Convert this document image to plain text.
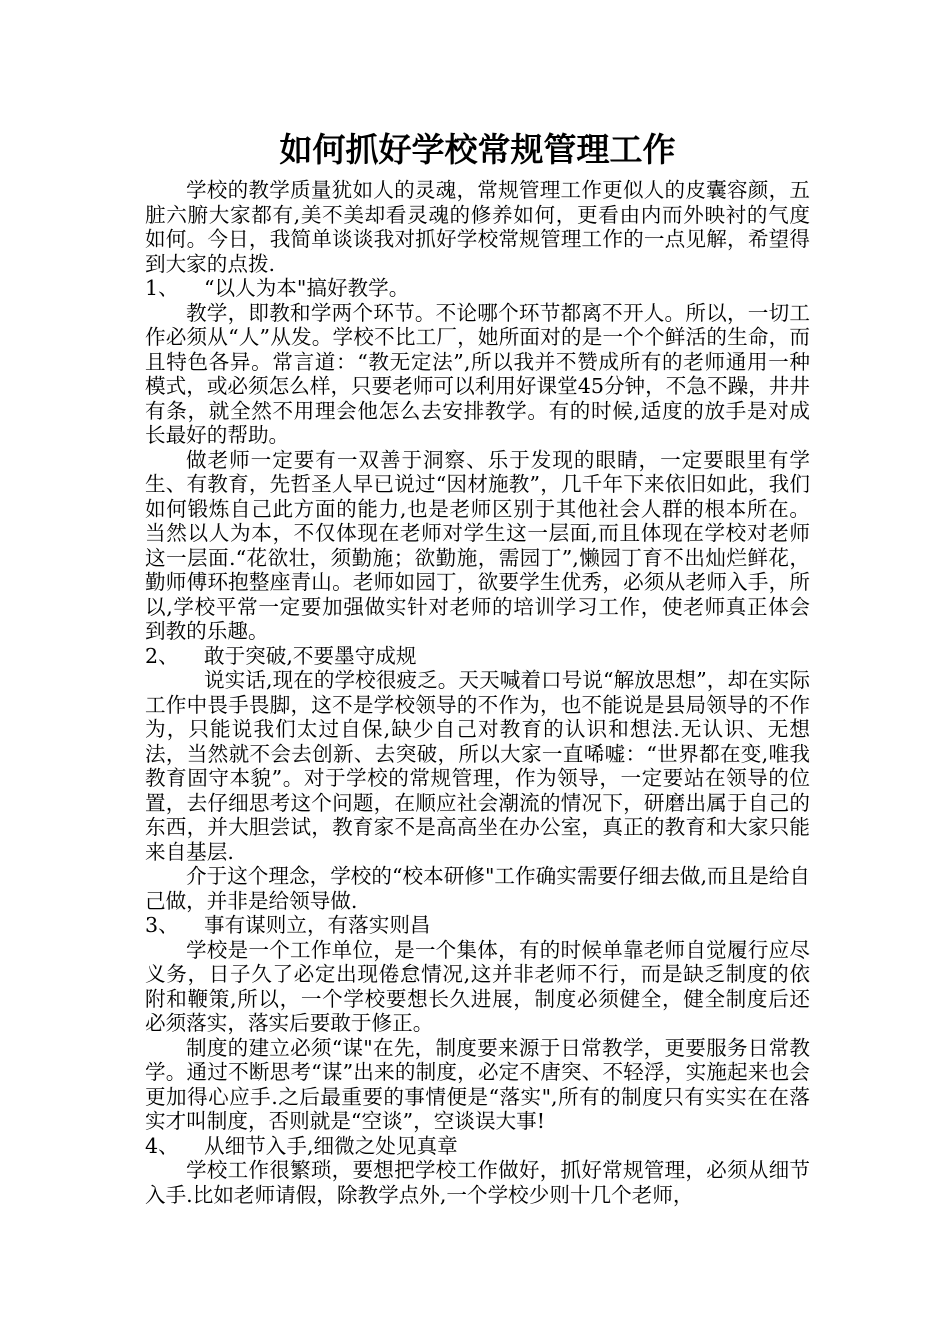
如何抓好学校常规管理工作

学校的教学质量犹如人的灵魂，常规管理工作更似人的皮囊容颜，五脏六腑大家都有,美不美却看灵魂的修养如何，更看由内而外映衬的气度如何。今日，我简单谈谈我对抓好学校常规管理工作的一点见解，希望得到大家的点拨.

1、	“以人为本"搞好教学。

教学，即教和学两个环节。不论哪个环节都离不开人。所以，一切工作必须从“人”从发。学校不比工厂，她所面对的是一个个鲜活的生命，而且特色各异。常言道：“教无定法”,所以我并不赞成所有的老师通用一种模式，或必须怎么样，只要老师可以利用好课堂45分钟，不急不躁，井井有条，就全然不用理会他怎么去安排教学。有的时候,适度的放手是对成长最好的帮助。

做老师一定要有一双善于洞察、乐于发现的眼睛，一定要眼里有学生、有教育，先哲圣人早已说过“因材施教”，几千年下来依旧如此，我们如何锻炼自己此方面的能力,也是老师区别于其他社会人群的根本所在。当然以人为本，不仅体现在老师对学生这一层面,而且体现在学校对老师这一层面.“花欲壮，须勤施；欲勤施，需园丁”,懒园丁育不出灿烂鲜花，勤师傅环抱整座青山。老师如园丁，欲要学生优秀，必须从老师入手，所以,学校平常一定要加强做实针对老师的培训学习工作，使老师真正体会到教的乐趣。

2、	敢于突破,不要墨守成规

说实话,现在的学校很疲乏。天天喊着口号说“解放思想”，却在实际工作中畏手畏脚，这不是学校领导的不作为，也不能说是县局领导的不作为，只能说我们太过自保,缺少自己对教育的认识和想法.无认识、无想法，当然就不会去创新、去突破，所以大家一直唏嘘：“世界都在变,唯我教育固守本貌”。对于学校的常规管理，作为领导，一定要站在领导的位置，去仔细思考这个问题，在顺应社会潮流的情况下，研磨出属于自己的东西，并大胆尝试，教育家不是高高坐在办公室，真正的教育和大家只能来自基层.

介于这个理念，学校的“校本研修"工作确实需要仔细去做,而且是给自己做，并非是给领导做.

3、	事有谋则立，有落实则昌

学校是一个工作单位，是一个集体，有的时候单靠老师自觉履行应尽义务，日子久了必定出现倦怠情况,这并非老师不行，而是缺乏制度的依附和鞭策,所以，一个学校要想长久进展，制度必须健全，健全制度后还必须落实，落实后要敢于修正。

制度的建立必须“谋"在先，制度要来源于日常教学，更要服务日常教学。通过不断思考“谋”出来的制度，必定不唐突、不轻浮，实施起来也会更加得心应手.之后最重要的事情便是“落实",所有的制度只有实实在在落实才叫制度，否则就是“空谈”，空谈误大事!

4、	从细节入手,细微之处见真章

学校工作很繁琐，要想把学校工作做好，抓好常规管理，必须从细节入手.比如老师请假，除教学点外,一个学校少则十几个老师，
